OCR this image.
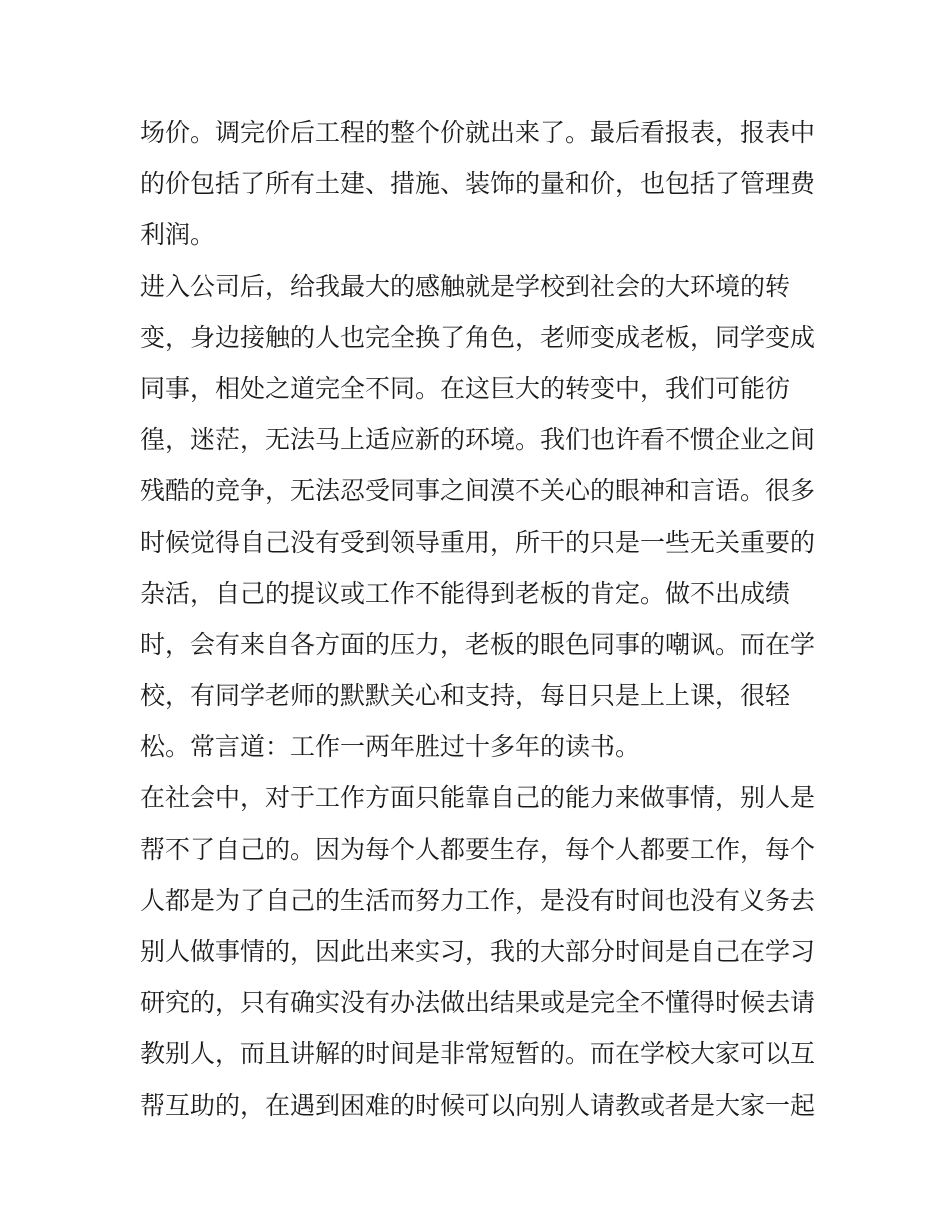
场价。调完价后工程的整个价就出来了。最后看报表，报表中
的价包括了所有土建、措施、装饰的量和价，也包括了管理费
利润。
进入公司后，给我最大的感触就是学校到社会的大环境的转
变，身边接触的人也完全换了角色，老师变成老板，同学变成
同事，相处之道完全不同。在这巨大的转变中，我们可能彷
徨，迷茫，无法马上适应新的环境。我们也许看不惯企业之间
残酷的竞争，无法忍受同事之间漠不关心的眼神和言语。很多
时候觉得自己没有受到领导重用，所干的只是一些无关重要的
杂活，自己的提议或工作不能得到老板的肯定。做不出成绩
时，会有来自各方面的压力，老板的眼色同事的嘲讽。而在学
校，有同学老师的默默关心和支持，每日只是上上课，很轻
松。常言道：工作一两年胜过十多年的读书。
在社会中，对于工作方面只能靠自己的能力来做事情，别人是
帮不了自己的。因为每个人都要生存，每个人都要工作，每个
人都是为了自己的生活而努力工作，是没有时间也没有义务去
别人做事情的，因此出来实习，我的大部分时间是自己在学习
研究的，只有确实没有办法做出结果或是完全不懂得时候去请
教别人，而且讲解的时间是非常短暂的。而在学校大家可以互
帮互助的，在遇到困难的时候可以向别人请教或者是大家一起
